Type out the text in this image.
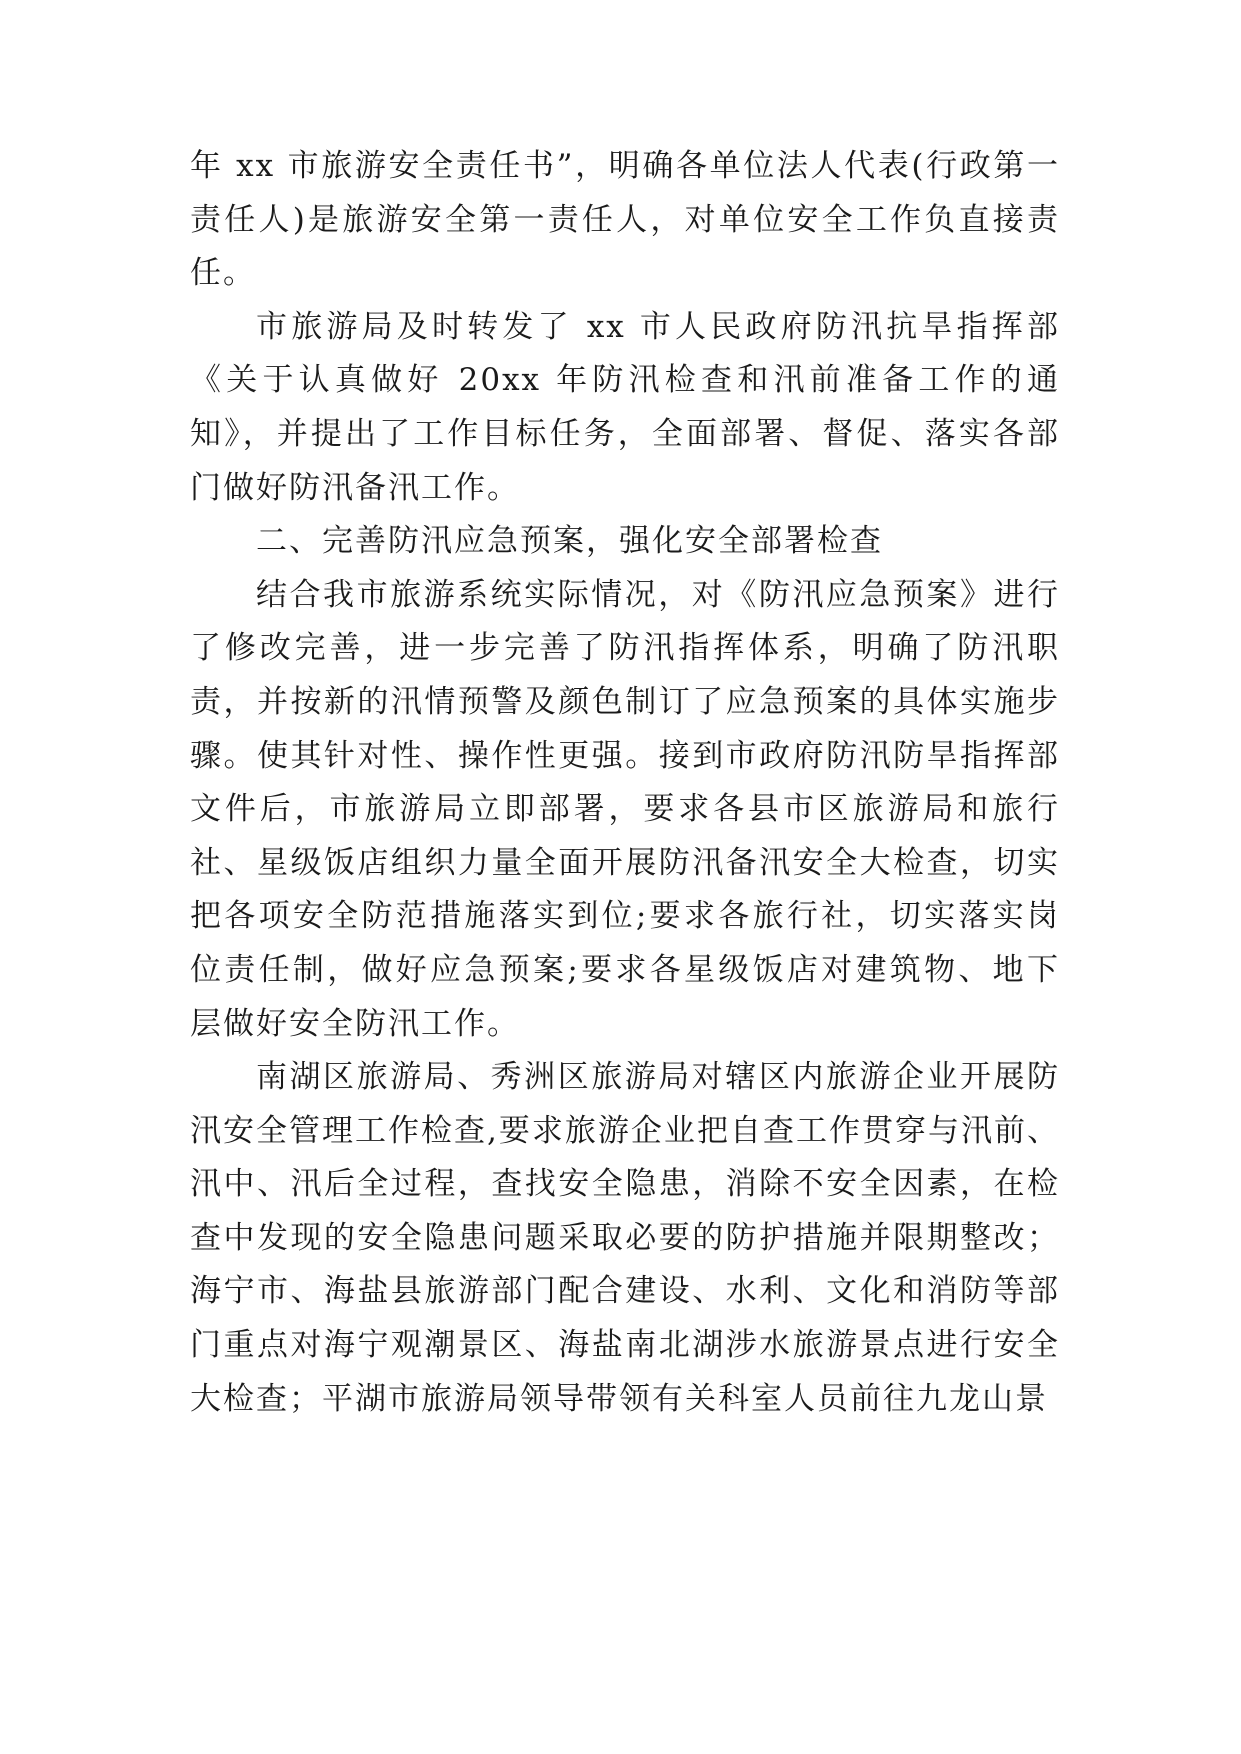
年 xx 市旅游安全责任书”，明确各单位法人代表(行政第一责任人)是旅游安全第一责任人，对单位安全工作负直接责任。

市旅游局及时转发了 xx 市人民政府防汛抗旱指挥部《关于认真做好 20xx 年防汛检查和汛前准备工作的通知》，并提出了工作目标任务，全面部署、督促、落实各部门做好防汛备汛工作。

二、完善防汛应急预案，强化安全部署检查

结合我市旅游系统实际情况，对《防汛应急预案》进行了修改完善，进一步完善了防汛指挥体系，明确了防汛职责，并按新的汛情预警及颜色制订了应急预案的具体实施步骤。使其针对性、操作性更强。接到市政府防汛防旱指挥部文件后，市旅游局立即部署，要求各县市区旅游局和旅行社、星级饭店组织力量全面开展防汛备汛安全大检查，切实把各项安全防范措施落实到位;要求各旅行社，切实落实岗位责任制，做好应急预案;要求各星级饭店对建筑物、地下层做好安全防汛工作。

南湖区旅游局、秀洲区旅游局对辖区内旅游企业开展防汛安全管理工作检查,要求旅游企业把自查工作贯穿与汛前、汛中、汛后全过程，查找安全隐患，消除不安全因素，在检查中发现的安全隐患问题采取必要的防护措施并限期整改；海宁市、海盐县旅游部门配合建设、水利、文化和消防等部门重点对海宁观潮景区、海盐南北湖涉水旅游景点进行安全大检查；平湖市旅游局领导带领有关科室人员前往九龙山景
